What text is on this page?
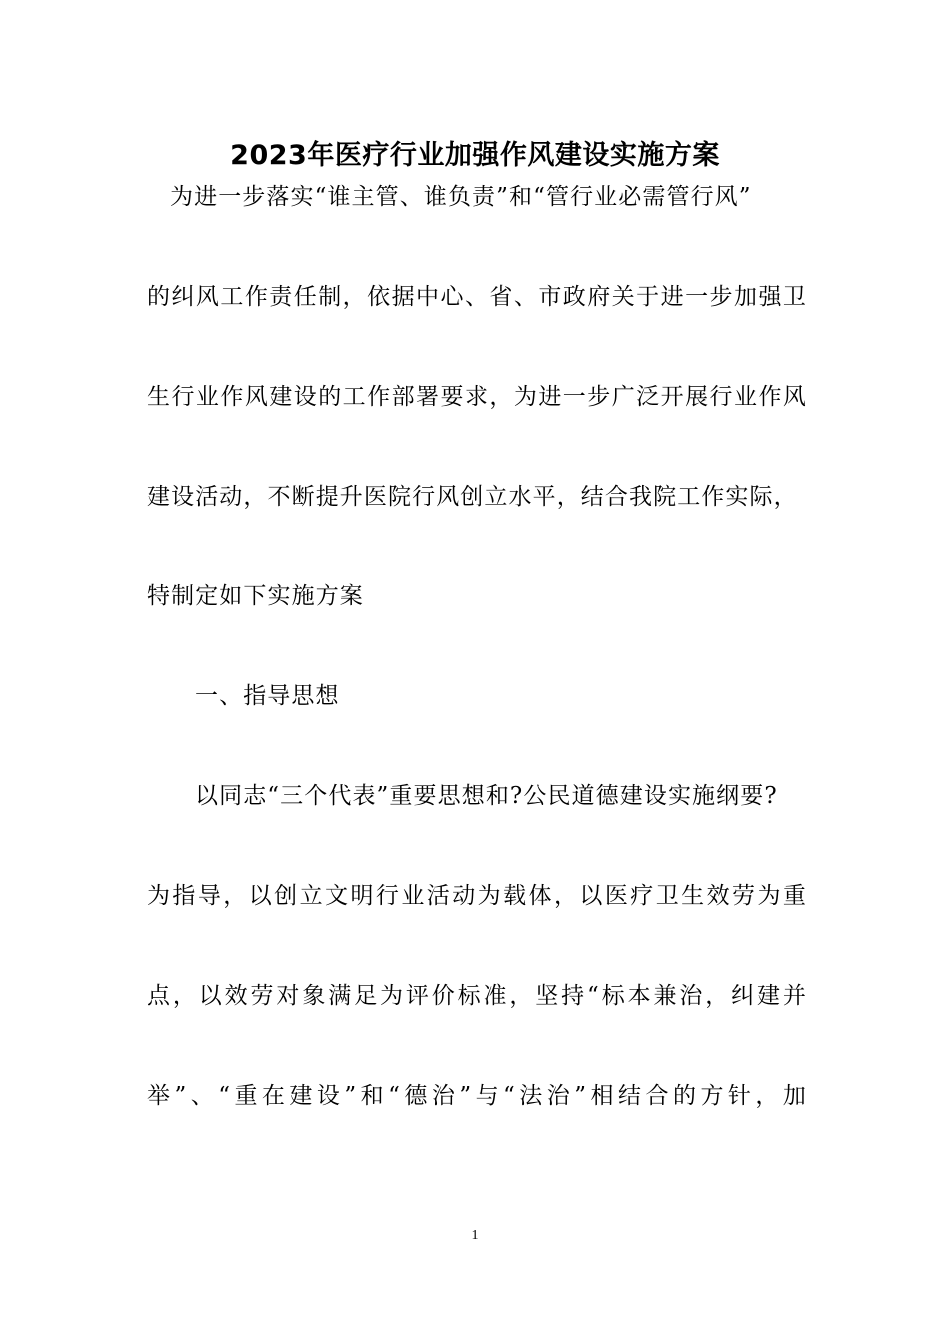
2023年医疗行业加强作风建设实施方案
为进一步落实“谁主管、谁负责”和“管行业必需管行风”
的纠风工作责任制，依据中心、省、市政府关于进一步加强卫
生行业作风建设的工作部署要求，为进一步广泛开展行业作风
建设活动，不断提升医院行风创立水平，结合我院工作实际，
特制定如下实施方案
一、指导思想
以同志“三个代表”重要思想和?公民道德建设实施纲要?
为指导，以创立文明行业活动为载体，以医疗卫生效劳为重
点，以效劳对象满足为评价标准，坚持“标本兼治，纠建并
举”、“重在建设”和“德治”与“法治”相结合的方针，加
1
